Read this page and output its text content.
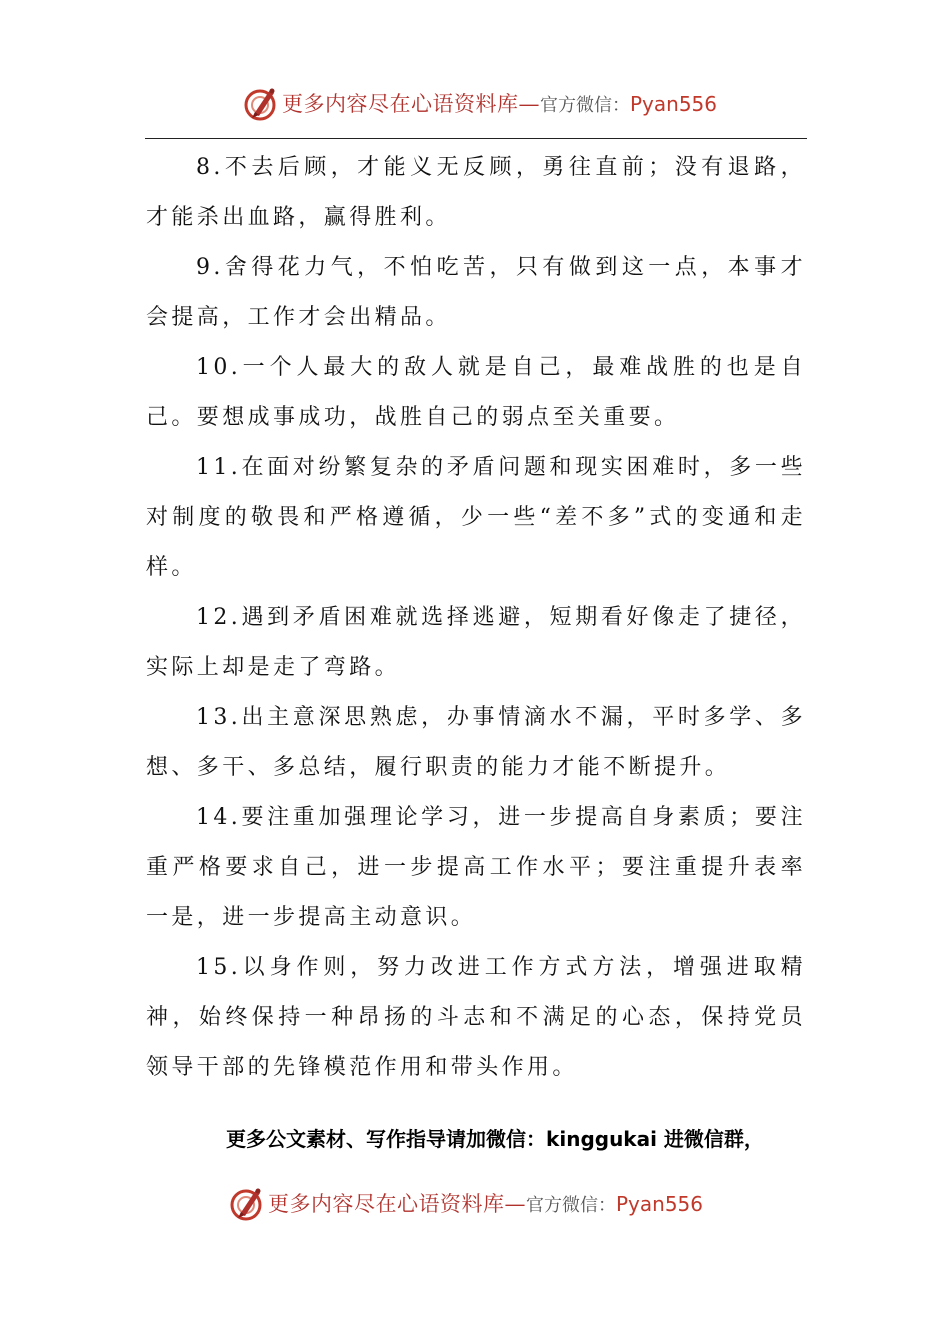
更多内容尽在心语资料库—官方微信：Pyan556

8.不去后顾，才能义无反顾，勇往直前；没有退路，才能杀出血路，赢得胜利。

9.舍得花力气，不怕吃苦，只有做到这一点，本事才会提高，工作才会出精品。

10.一个人最大的敌人就是自己，最难战胜的也是自己。要想成事成功，战胜自己的弱点至关重要。

11.在面对纷繁复杂的矛盾问题和现实困难时，多一些对制度的敬畏和严格遵循，少一些“差不多”式的变通和走样。

12.遇到矛盾困难就选择逃避，短期看好像走了捷径，实际上却是走了弯路。

13.出主意深思熟虑，办事情滴水不漏，平时多学、多想、多干、多总结，履行职责的能力才能不断提升。

14.要注重加强理论学习，进一步提高自身素质；要注重严格要求自己，进一步提高工作水平；要注重提升表率一是，进一步提高主动意识。

15.以身作则，努力改进工作方式方法，增强进取精神，始终保持一种昂扬的斗志和不满足的心态，保持党员领导干部的先锋模范作用和带头作用。

更多公文素材、写作指导请加微信：kinggukai 进微信群，
更多内容尽在心语资料库—官方微信：Pyan556
